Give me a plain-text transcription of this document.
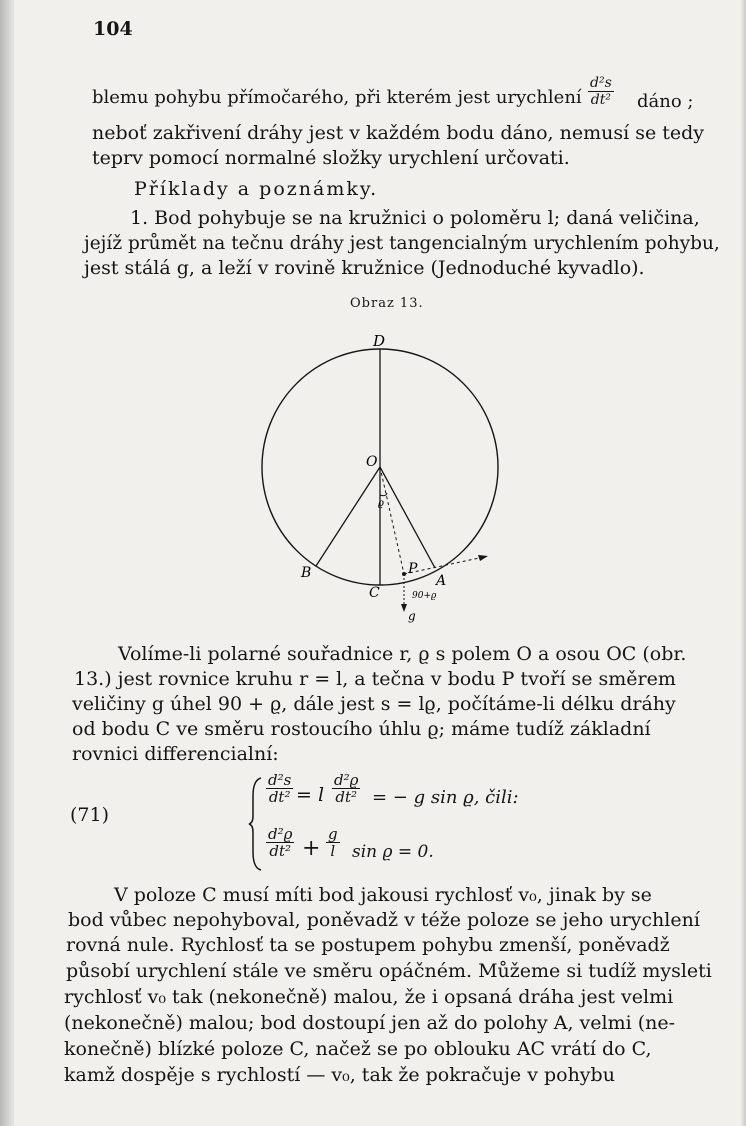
104
blemu pohybu přímočarého, při kterém jest urychlení $\frac{\text{d²s}}{\text{dt²}}$ dáno ;
neboť zakřivení dráhy jest v každém bodu dáno, nemusí se tedy
teprv pomocí normalné složky urychlení určovati.
Příklady a poznámky.
1. Bod pohybuje se na kružnici o poloměru l; daná veličina,
jejíž průmět na tečnu dráhy jest tangencialným urychlením pohybu,
jest stálá g, a leží v rovině kružnice (Jednoduché kyvadlo).
Obraz 13.
D
O
ϱ
B
C
P
A
90+ϱ
g
Volíme-li polarné souřadnice r, ϱ s polem O a osou OC (obr.
13.) jest rovnice kruhu r = l, a tečna v bodu P tvoří se směrem
veličiny g úhel 90 + ϱ, dále jest s = lϱ, počítáme-li délku dráhy
od bodu C ve směru rostoucího úhlu ϱ; máme tudíž základní
rovnici differencialní:
(71)
$\frac{\text{d²s}}{\text{dt²}} = l \frac{\text{d²ϱ}}{\text{dt²}}$ = − g sin ϱ, čili:
$\frac{\text{d²ϱ}}{\text{dt²}} + \frac{g}{l}$ sin ϱ = 0.
V poloze C musí míti bod jakousi rychlosť v₀, jinak by se
bod vůbec nepohyboval, poněvadž v téže poloze se jeho urychlení
rovná nule. Rychlosť ta se postupem pohybu zmenší, poněvadž
působí urychlení stále ve směru opáčném. Můžeme si tudíž mysleti
rychlosť v₀ tak (nekonečně) malou, že i opsaná dráha jest velmi
(nekonečně) malou; bod dostoupí jen až do polohy A, velmi (ne-
konečně) blízké poloze C, načež se po oblouku AC vrátí do C,
kamž dospěje s rychlostí — v₀, tak že pokračuje v pohybu
